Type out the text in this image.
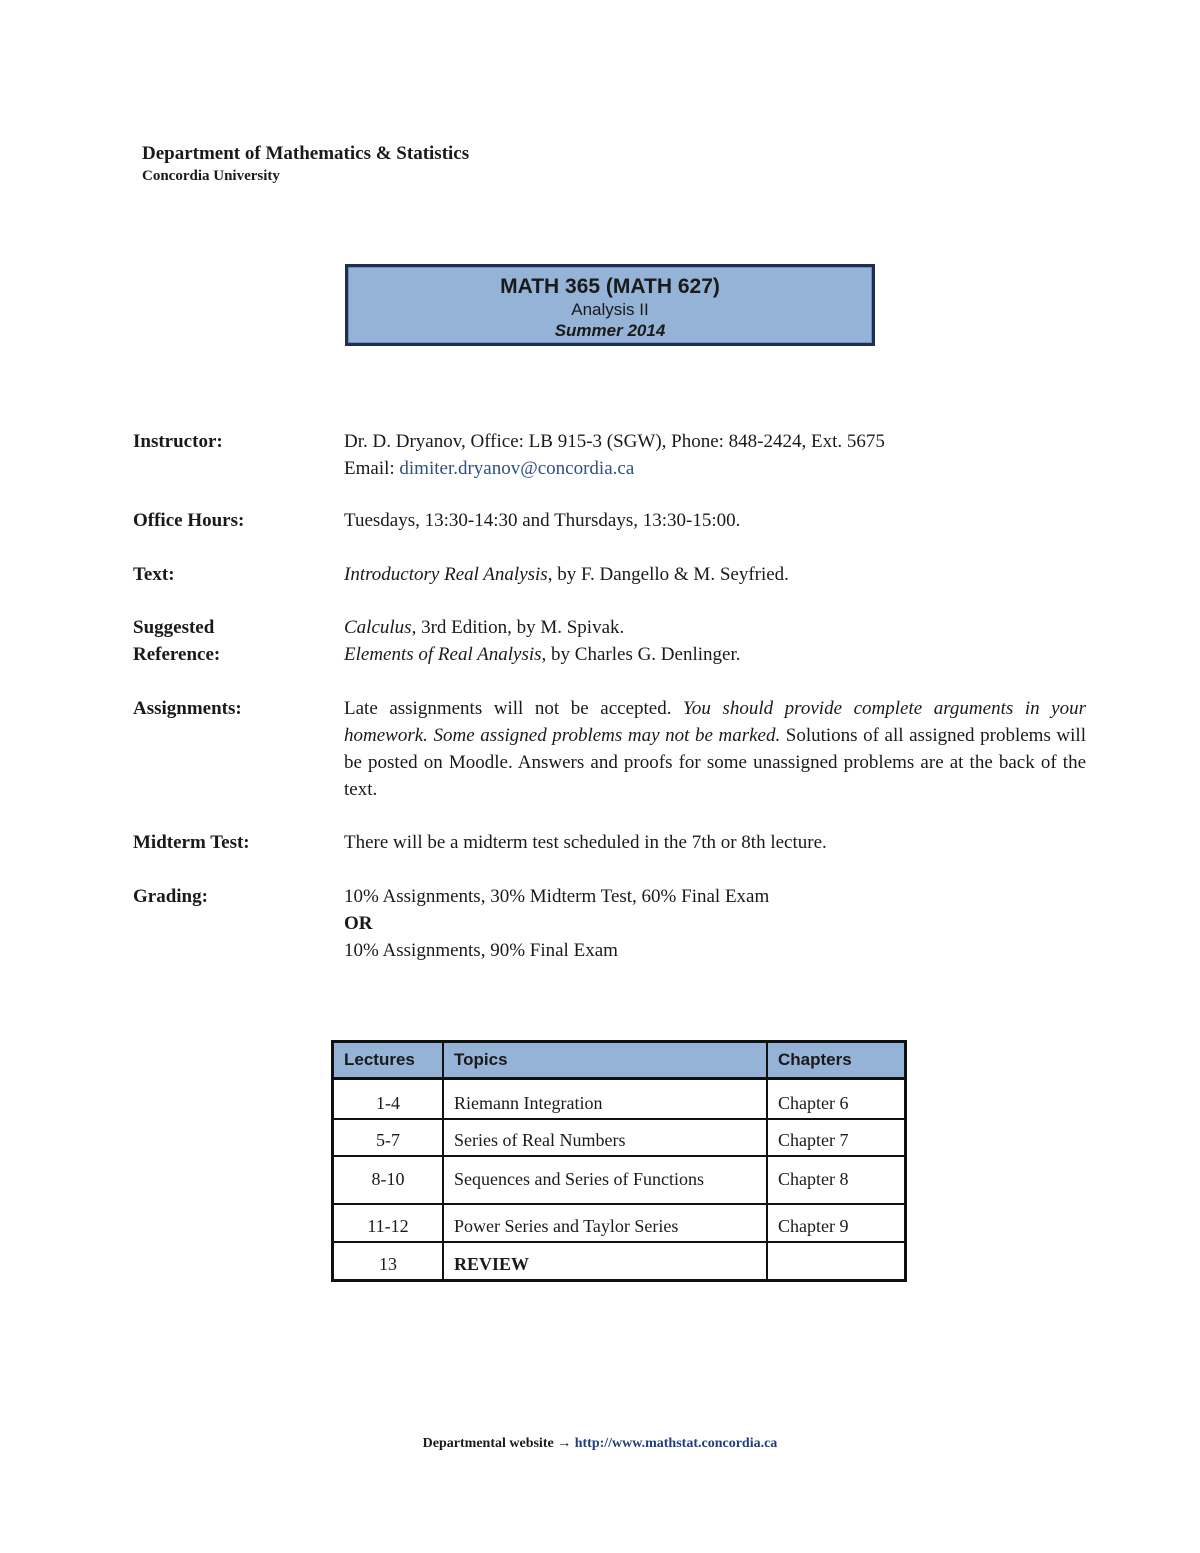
Department of Mathematics & Statistics
Concordia University
MATH 365 (MATH 627)
Analysis II
Summer 2014
Instructor:	Dr. D. Dryanov, Office: LB 915-3 (SGW), Phone: 848-2424, Ext. 5675
Email: dimiter.dryanov@concordia.ca
Office Hours:	Tuesdays, 13:30-14:30 and Thursdays, 13:30-15:00.
Text:	Introductory Real Analysis, by F. Dangello & M. Seyfried.
Suggested
Reference:
Calculus, 3rd Edition, by M. Spivak.
Elements of Real Analysis, by Charles G. Denlinger.
Assignments:	Late assignments will not be accepted. You should provide complete arguments in your homework. Some assigned problems may not be marked. Solutions of all assigned problems will be posted on Moodle. Answers and proofs for some unassigned problems are at the back of the text.
Midterm Test:	There will be a midterm test scheduled in the 7th or 8th lecture.
Grading:	10% Assignments, 30% Midterm Test, 60% Final Exam
OR
10% Assignments, 90% Final Exam
Lectures	Topics	Chapters
1-4	Riemann Integration	Chapter 6
5-7	Series of Real Numbers	Chapter 7
8-10	Sequences and Series of Functions	Chapter 8
11-12	Power Series and Taylor Series	Chapter 9
13	REVIEW	
Departmental website → http://www.mathstat.concordia.ca
